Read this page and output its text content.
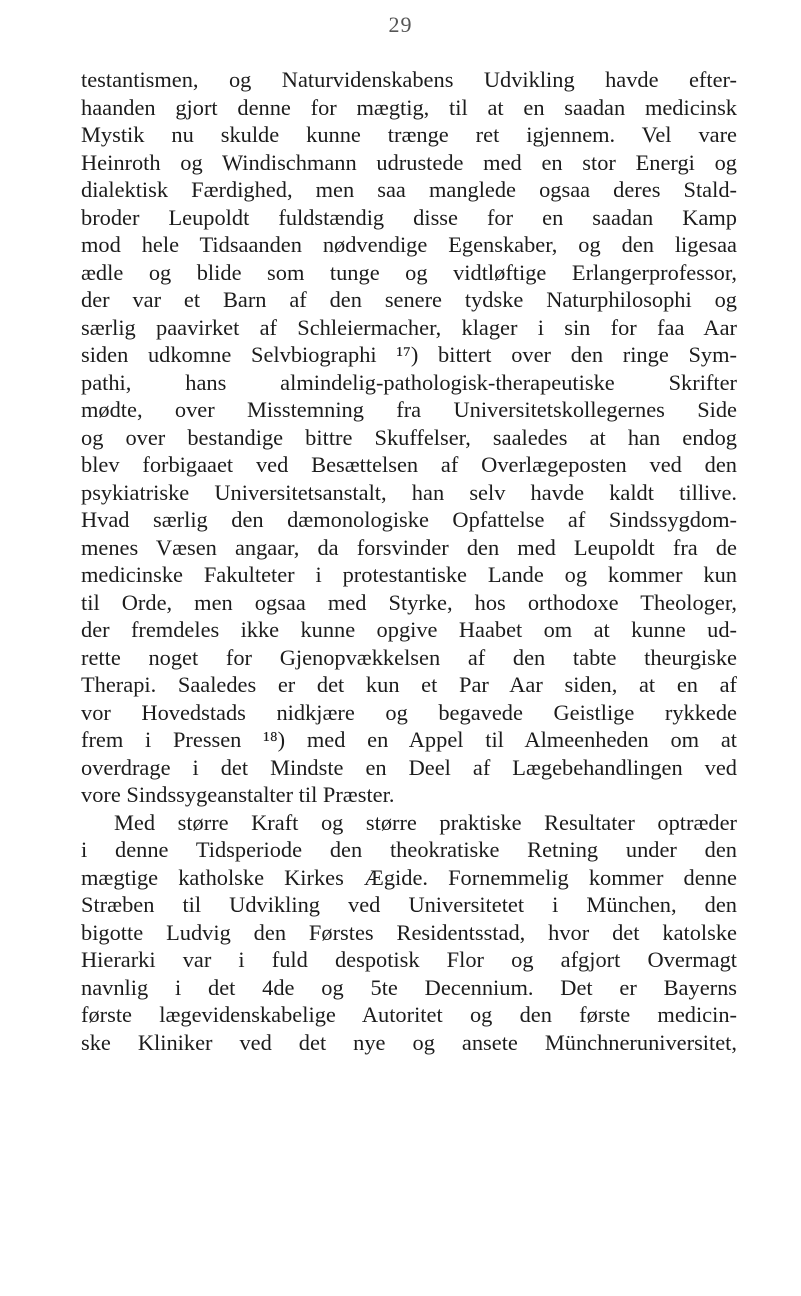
29
testantismen, og Naturvidenskabens Udvikling havde efter-
haanden gjort denne for mægtig, til at en saadan medicinsk
Mystik nu skulde kunne trænge ret igjennem. Vel vare
Heinroth og Windischmann udrustede med en stor Energi og
dialektisk Færdighed, men saa manglede ogsaa deres Stald-
broder Leupoldt fuldstændig disse for en saadan Kamp
mod hele Tidsaanden nødvendige Egenskaber, og den ligesaa
ædle og blide som tunge og vidtløftige Erlangerprofessor,
der var et Barn af den senere tydske Naturphilosophi og
særlig paavirket af Schleiermacher, klager i sin for faa Aar
siden udkomne Selvbiographi ¹⁷) bittert over den ringe Sym-
pathi, hans almindelig-pathologisk-therapeutiske Skrifter
mødte, over Misstemning fra Universitetskollegernes Side
og over bestandige bittre Skuffelser, saaledes at han endog
blev forbigaaet ved Besættelsen af Overlægeposten ved den
psykiatriske Universitetsanstalt, han selv havde kaldt tillive.
Hvad særlig den dæmonologiske Opfattelse af Sindssygdom-
menes Væsen angaar, da forsvinder den med Leupoldt fra de
medicinske Fakulteter i protestantiske Lande og kommer kun
til Orde, men ogsaa med Styrke, hos orthodoxe Theologer,
der fremdeles ikke kunne opgive Haabet om at kunne ud-
rette noget for Gjenopvækkelsen af den tabte theurgiske
Therapi. Saaledes er det kun et Par Aar siden, at en af
vor Hovedstads nidkjære og begavede Geistlige rykkede
frem i Pressen ¹⁸) med en Appel til Almeenheden om at
overdrage i det Mindste en Deel af Lægebehandlingen ved
vore Sindssygeanstalter til Præster.
Med større Kraft og større praktiske Resultater optræder
i denne Tidsperiode den theokratiske Retning under den
mægtige katholske Kirkes Ægide. Fornemmelig kommer denne
Stræben til Udvikling ved Universitetet i München, den
bigotte Ludvig den Førstes Residentsstad, hvor det katolske
Hierarki var i fuld despotisk Flor og afgjort Overmagt
navnlig i det 4de og 5te Decennium. Det er Bayerns
første lægevidenskabelige Autoritet og den første medicin-
ske Kliniker ved det nye og ansete Münchneruniversitet,
